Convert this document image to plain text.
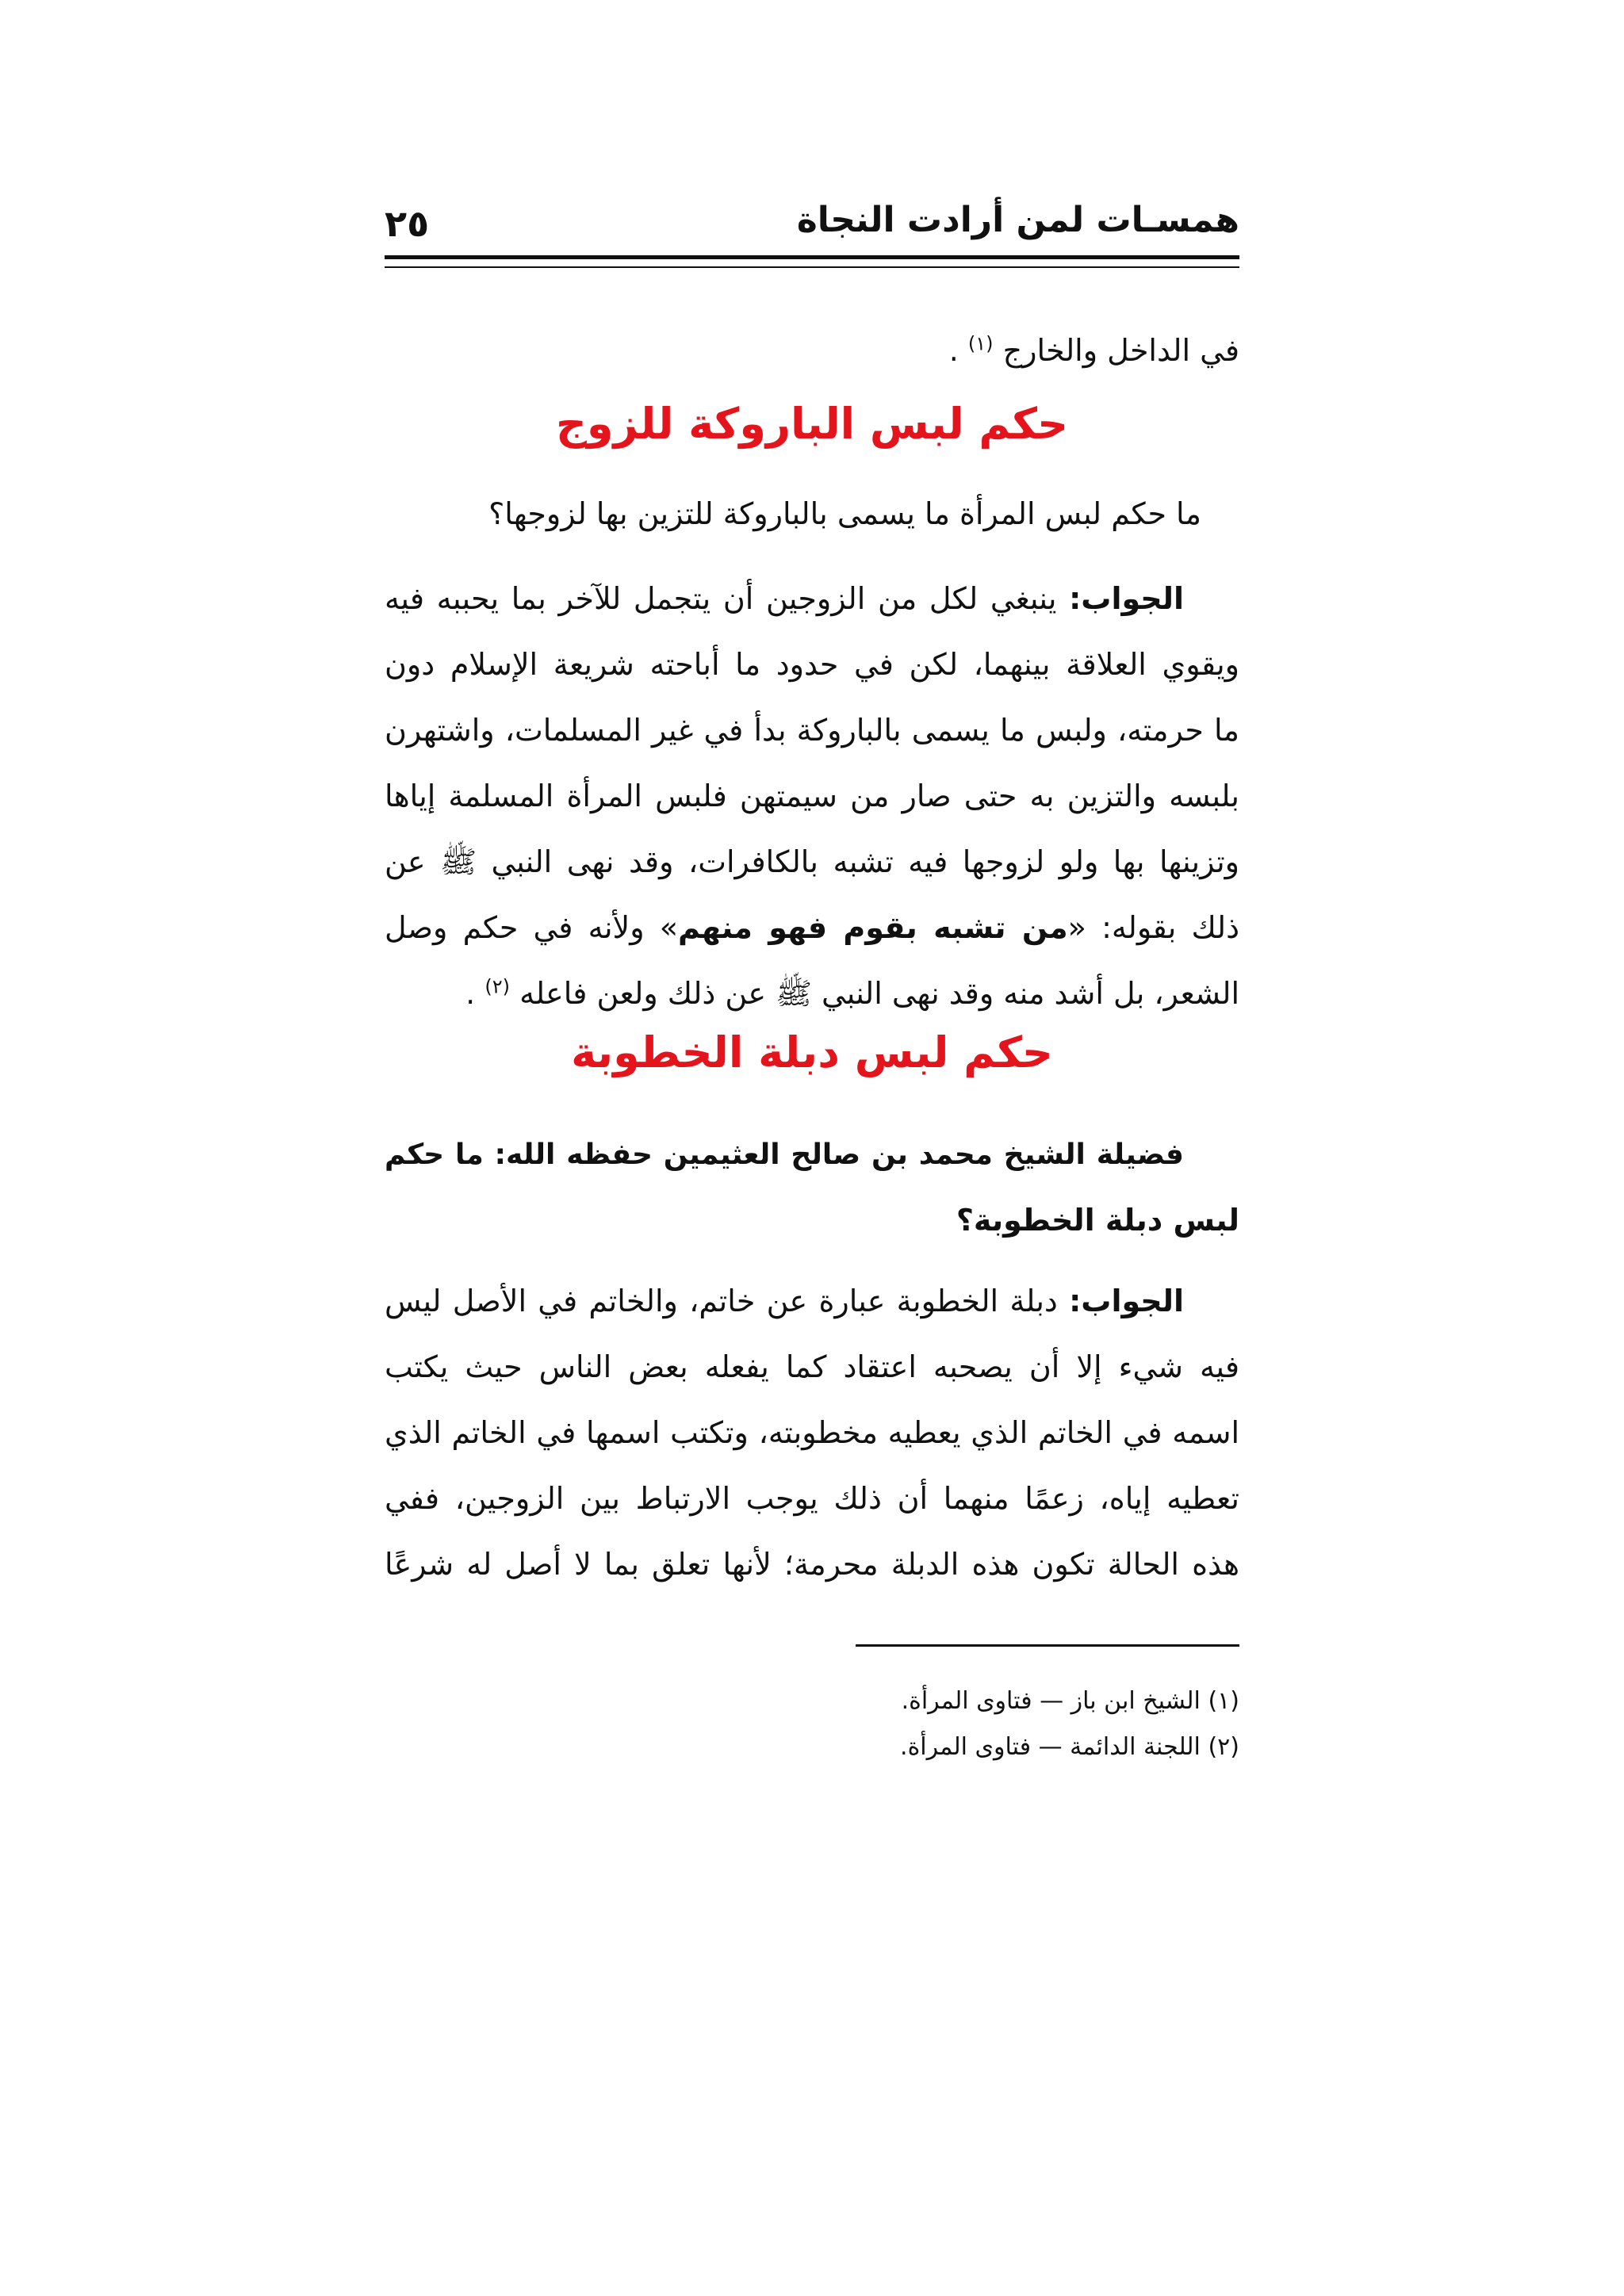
همسـات لمن أرادت النجاة
٢٥
في الداخل والخارج $^{(١)}$ .
حكم لبس الباروكة للزوج
ما حكم لبس المرأة ما يسمى بالباروكة للتزين بها لزوجها؟
الجواب: ينبغي لكل من الزوجين أن يتجمل للآخر بما يحببه فيه
ويقوي العلاقة بينهما، لكن في حدود ما أباحته شريعة الإسلام دون
ما حرمته، ولبس ما يسمى بالباروكة بدأ في غير المسلمات، واشتهرن
بلبسه والتزين به حتى صار من سيمتهن فلبس المرأة المسلمة إياها
وتزينها بها ولو لزوجها فيه تشبه بالكافرات، وقد نهى النبي ﷺ عن
ذلك بقوله: «من تشبه بقوم فهو منهم» ولأنه في حكم وصل
الشعر، بل أشد منه وقد نهى النبي ﷺ عن ذلك ولعن فاعله $^{(٢)}$ .
حكم لبس دبلة الخطوبة
فضيلة الشيخ محمد بن صالح العثيمين حفظه الله: ما حكم
لبس دبلة الخطوبة؟
الجواب: دبلة الخطوبة عبارة عن خاتم، والخاتم في الأصل ليس
فيه شيء إلا أن يصحبه اعتقاد كما يفعله بعض الناس حيث يكتب
اسمه في الخاتم الذي يعطيه مخطوبته، وتكتب اسمها في الخاتم الذي
تعطيه إياه، زعمًا منهما أن ذلك يوجب الارتباط بين الزوجين، ففي
هذه الحالة تكون هذه الدبلة محرمة؛ لأنها تعلق بما لا أصل له شرعًا
(١) الشيخ ابن باز — فتاوى المرأة.
(٢) اللجنة الدائمة — فتاوى المرأة.
